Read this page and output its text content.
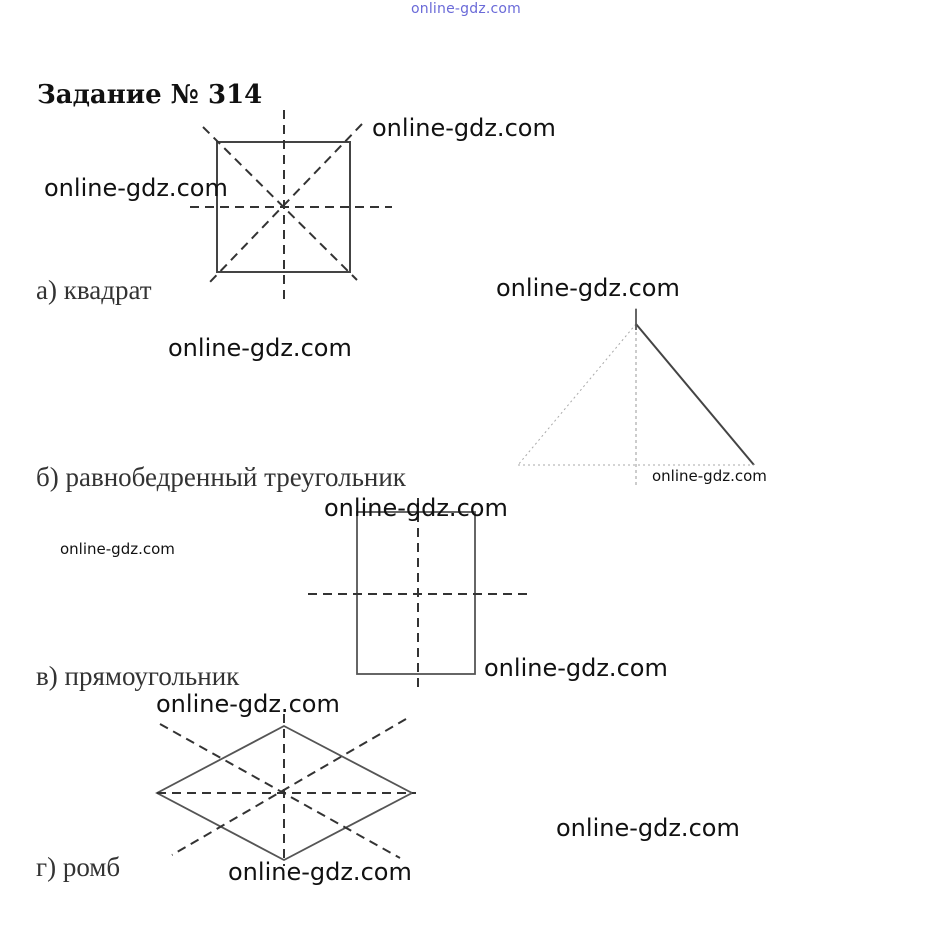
online-gdz.com
Задание № 314
а) квадрат
б) равнобедренный треугольник
в) прямоугольник
г) ромб
online-gdz.com
online-gdz.com
online-gdz.com
online-gdz.com
online-gdz.com
online-gdz.com
online-gdz.com
online-gdz.com
online-gdz.com
online-gdz.com
online-gdz.com
